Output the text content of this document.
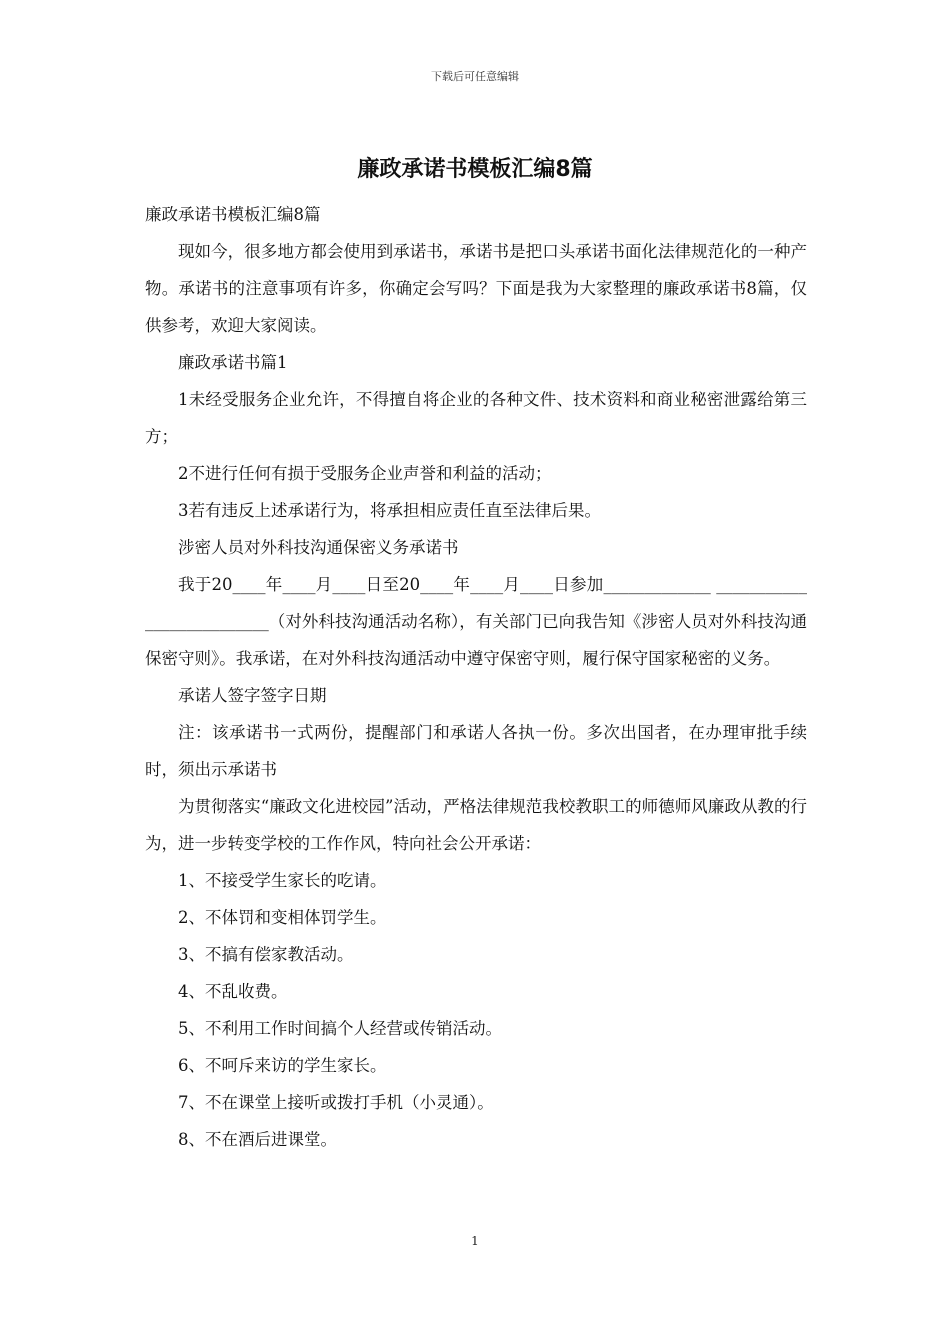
下载后可任意编辑
廉政承诺书模板汇编8篇

廉政承诺书模板汇编8篇

现如今，很多地方都会使用到承诺书，承诺书是把口头承诺书面化法律规范化的一种产物。承诺书的注意事项有许多，你确定会写吗？下面是我为大家整理的廉政承诺书8篇，仅供参考，欢迎大家阅读。

廉政承诺书篇1

1未经受服务企业允许，不得擅自将企业的各种文件、技术资料和商业秘密泄露给第三方；

2不进行任何有损于受服务企业声誉和利益的活动；

3若有违反上述承诺行为，将承担相应责任直至法律后果。

涉密人员对外科技沟通保密义务承诺书

我于20____年____月____日至20____年____月____日参加_____________ __________________________（对外科技沟通活动名称），有关部门已向我告知《涉密人员对外科技沟通保密守则》。我承诺，在对外科技沟通活动中遵守保密守则，履行保守国家秘密的义务。

承诺人签字签字日期

注：该承诺书一式两份，提醒部门和承诺人各执一份。多次出国者，在办理审批手续时，须出示承诺书

为贯彻落实“廉政文化进校园”活动，严格法律规范我校教职工的师德师风廉政从教的行为，进一步转变学校的工作作风，特向社会公开承诺：

1、不接受学生家长的吃请。

2、不体罚和变相体罚学生。

3、不搞有偿家教活动。

4、不乱收费。

5、不利用工作时间搞个人经营或传销活动。

6、不呵斥来访的学生家长。

7、不在课堂上接听或拨打手机（小灵通）。

8、不在酒后进课堂。

1
